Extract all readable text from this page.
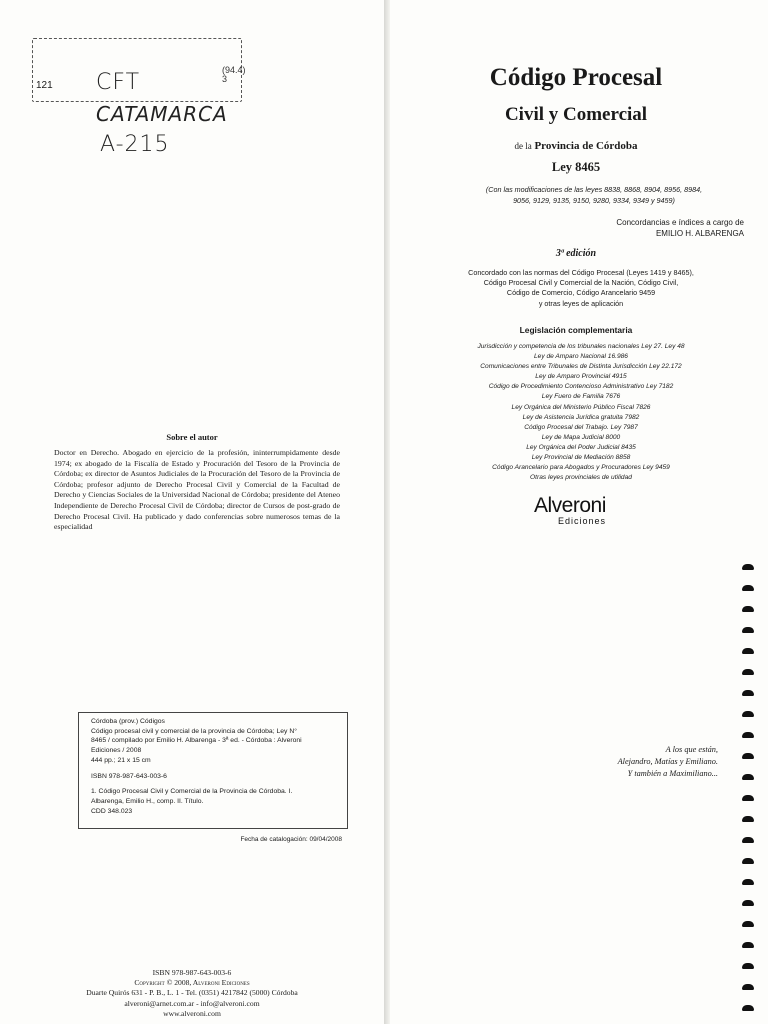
121
(94.4)
3
CFT
CATAMARCA
A-215
Sobre el autor
Doctor en Derecho. Abogado en ejercicio de la profesión, ininterrumpidamente desde 1974; ex abogado de la Fiscalía de Estado y Procuración del Tesoro de la Provincia de Córdoba; ex director de Asuntos Judiciales de la Procuración del Tesoro de la Provincia de Córdoba; profesor adjunto de Derecho Procesal Civil y Comercial de la Facultad de Derecho y Ciencias Sociales de la Universidad Nacional de Córdoba; presidente del Ateneo Independiente de Derecho Procesal Civil de Córdoba; director de Cursos de post-grado de Derecho Procesal Civil. Ha publicado y dado conferencias sobre numerosos temas de la especialidad
Código Procesal
Civil y Comercial
de la Provincia de Córdoba
Ley 8465
(Con las modificaciones de las leyes 8838, 8868, 8904, 8956, 8984,
9056, 9129, 9135, 9150, 9280, 9334, 9349 y 9459)
Concordancias e índices a cargo de
EMILIO H. ALBARENGA
3ª edición
Concordado con las normas del Código Procesal (Leyes 1419 y 8465),
Código Procesal Civil y Comercial de la Nación, Código Civil,
Código de Comercio, Código Arancelario 9459
y otras leyes de aplicación
Legislación complementaria
Jurisdicción y competencia de los tribunales nacionales Ley 27. Ley 48
Ley de Amparo Nacional 16.986
Comunicaciones entre Tribunales de Distinta Jurisdicción Ley 22.172
Ley de Amparo Provincial 4915
Código de Procedimiento Contencioso Administrativo Ley 7182
Ley Fuero de Familia 7676
Ley Orgánica del Ministerio Público Fiscal 7826
Ley de Asistencia Jurídica gratuita 7982
Código Procesal del Trabajo. Ley 7987
Ley de Mapa Judicial 8000
Ley Orgánica del Poder Judicial 8435
Ley Provincial de Mediación 8858
Código Arancelario para Abogados y Procuradores Ley 9459
Otras leyes provinciales de utilidad
Alveroni
Ediciones
Córdoba (prov.) Códigos
Código procesal civil y comercial de la provincia de Córdoba; Ley N°
8465 / compilado por Emilio H. Albarenga - 3ª ed. - Córdoba : Alveroni
Ediciones / 2008
444 pp.; 21 x 15 cm
ISBN 978-987-643-003-6
1. Código Procesal Civil y Comercial de la Provincia de Córdoba. I.
Albarenga, Emilio H., comp. II. Título.
CDD 348.023
Fecha de catalogación: 09/04/2008
ISBN 978-987-643-003-6
Copyright © 2008, Alveroni Ediciones
Duarte Quirós 631 - P. B., L. 1 - Tel. (0351) 4217842 (5000) Córdoba
alveroni@arnet.com.ar - info@alveroni.com
www.alveroni.com
A los que están,
Alejandro, Matías y Emiliano.
Y también a Maximiliano...
